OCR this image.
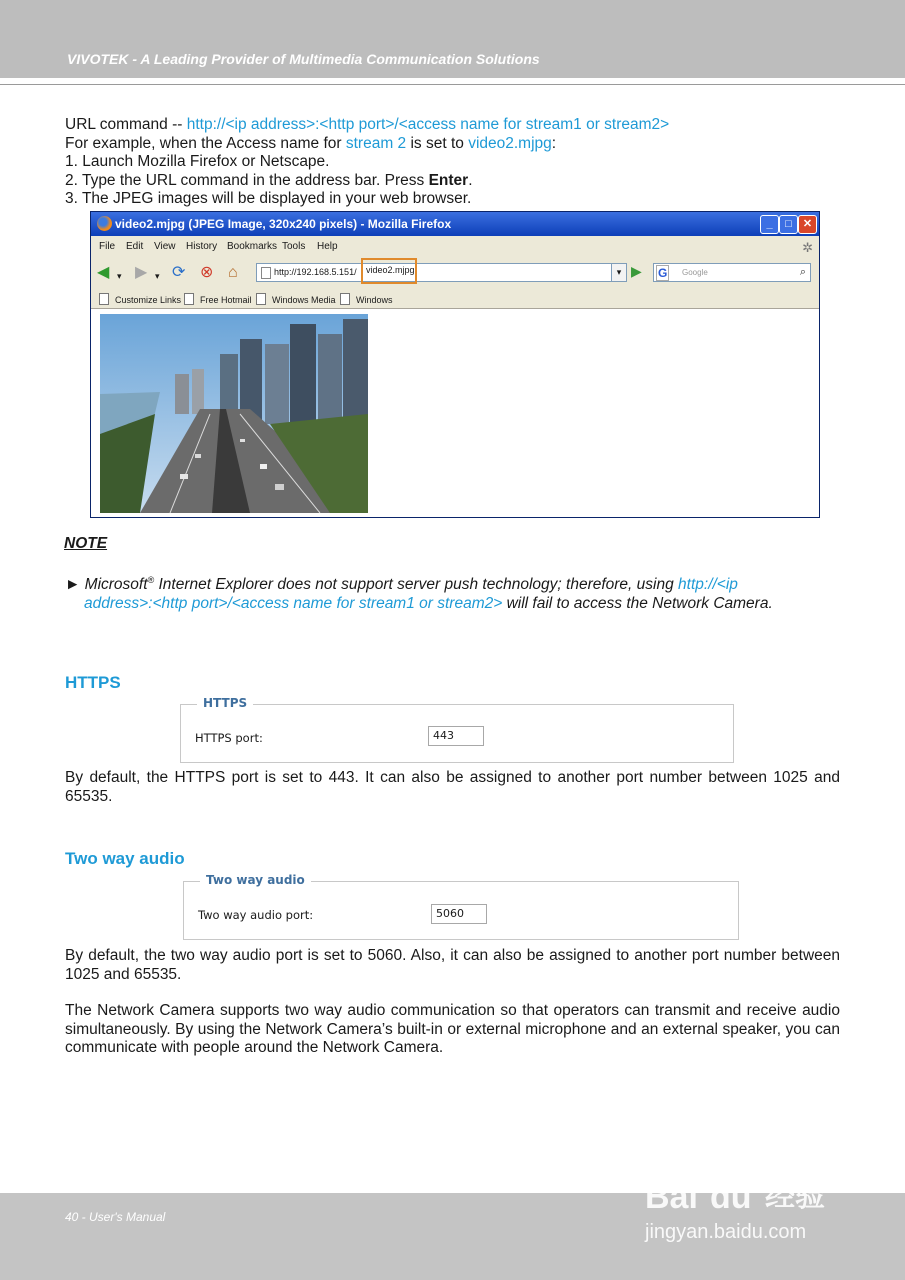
VIVOTEK - A Leading Provider of Multimedia Communication Solutions
URL command -- http://<ip address>:<http port>/<access name for stream1 or stream2>
For example, when the Access name for stream 2 is set to video2.mjpg:
1. Launch Mozilla Firefox or Netscape.
2. Type the URL command in the address bar. Press Enter.
3. The JPEG images will be displayed in your web browser.
video2.mjpg (JPEG Image, 320x240 pixels) - Mozilla Firefox	_	□	✕
File Edit View History Bookmarks Tools Help	✲
◀ ▾ ▶ ▾ ⟳ ⊗ ⌂	http://192.168.5.151/	▾ ▶ G Google	⌕
video2.mjpg
Customize Links	Free Hotmail	Windows Media	Windows
NOTE
► Microsoft® Internet Explorer does not support server push technology; therefore, using http://<ip
address>:<http port>/<access name for stream1 or stream2> will fail to access the Network Camera.
HTTPS
HTTPS
HTTPS port:	443
By default, the HTTPS port is set to 443. It can also be assigned to another port number between 1025 and 65535.
Two way audio
Two way audio
Two way audio port:	5060
By default, the two way audio port is set to 5060. Also, it can also be assigned to another port number between 1025 and 65535.
The Network Camera supports two way audio communication so that operators can transmit and receive audio simultaneously. By using the Network Camera’s built-in or external microphone and an external speaker, you can communicate with people around the Network Camera.
40 - User's Manual
Bai du 经验
jingyan.baidu.com
